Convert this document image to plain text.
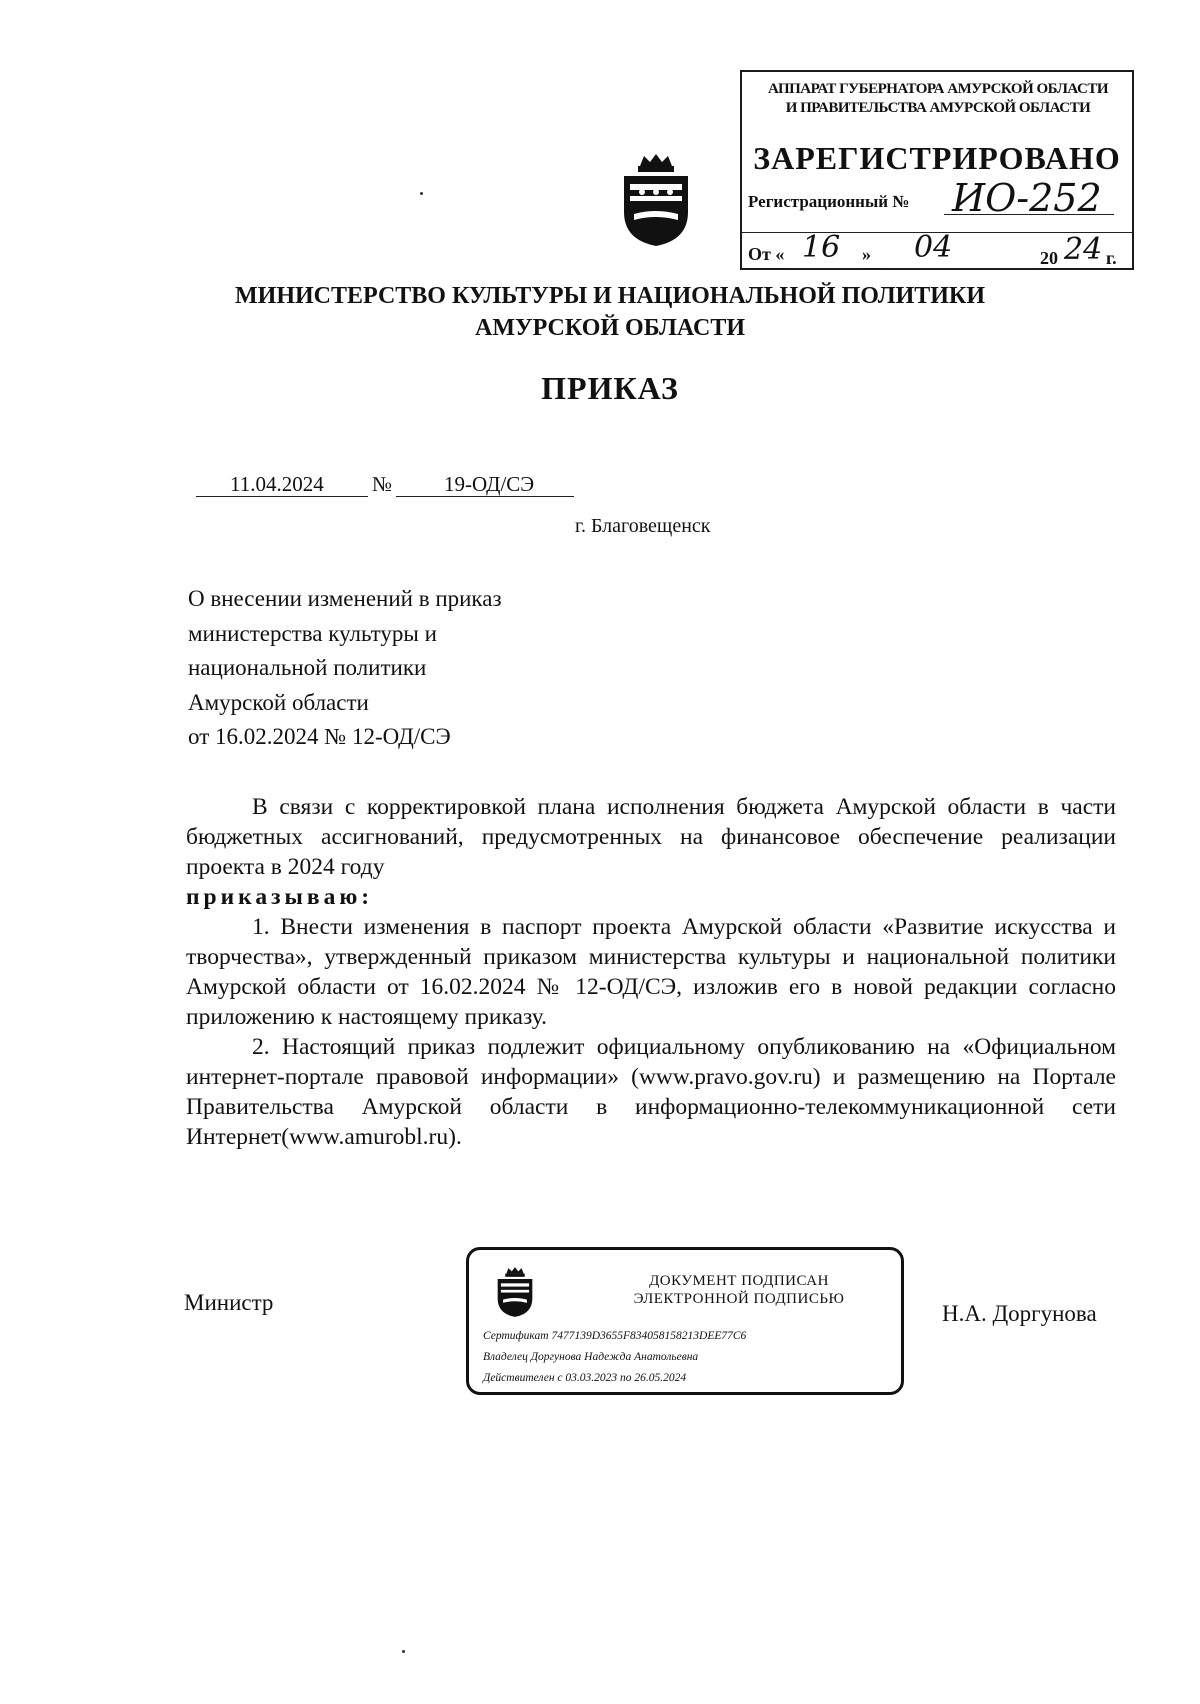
АППАРАТ ГУБЕРНАТОРА АМУРСКОЙ ОБЛАСТИ
И ПРАВИТЕЛЬСТВА АМУРСКОЙ ОБЛАСТИ
ЗАРЕГИСТРИРОВАНО
Регистрационный № ИО-252
От « 16 » 04	20 24 г.
МИНИСТЕРСТВО КУЛЬТУРЫ И НАЦИОНАЛЬНОЙ ПОЛИТИКИ
АМУРСКОЙ ОБЛАСТИ
ПРИКАЗ
11.04.2024 № 19-ОД/СЭ
г. Благовещенск
О внесении изменений в приказ
министерства культуры и
национальной политики
Амурской области
от 16.02.2024 № 12-ОД/СЭ

В связи с корректировкой плана исполнения бюджета Амурской области в части бюджетных ассигнований, предусмотренных на финансовое обеспечение реализации проекта в 2024 году

приказываю:

1. Внести изменения в паспорт проекта Амурской области «Развитие искусства и творчества», утвержденный приказом министерства культуры и национальной политики Амурской области от 16.02.2024 № 12-ОД/СЭ, изложив его в новой редакции согласно приложению к настоящему приказу.

2. Настоящий приказ подлежит официальному опубликованию на «Официальном интернет-портале правовой информации» (www.pravo.gov.ru) и размещению на Портале Правительства Амурской области в информационно-телекоммуникационной сети Интернет(www.amurobl.ru).

Министр
ДОКУМЕНТ ПОДПИСАН
ЭЛЕКТРОННОЙ ПОДПИСЬЮ
Сертификат 7477139D3655F834058158213DEE77C6
Владелец Доргунова Надежда Анатольевна
Действителен с 03.03.2023 по 26.05.2024
Н.А. Доргунова
